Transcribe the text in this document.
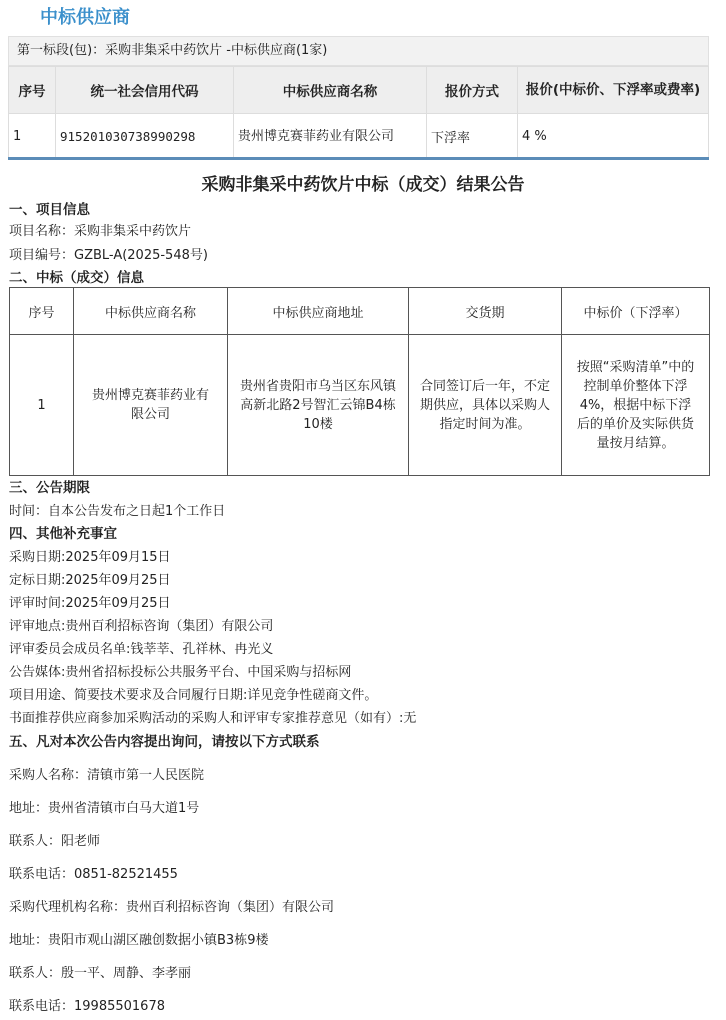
中标供应商
第一标段(包)：采购非集采中药饮片 -中标供应商(1家)
序号	统一社会信用代码	中标供应商名称	报价方式	报价(中标价、下浮率或费率)
1	915201030738990298	贵州博克赛菲药业有限公司	下浮率	4 %
采购非集采中药饮片中标（成交）结果公告
一、项目信息
项目名称：采购非集采中药饮片
项目编号：GZBL-A(2025-548号)
二、中标（成交）信息
序号	中标供应商名称	中标供应商地址	交货期	中标价（下浮率）
1	贵州博克赛菲药业有限公司	贵州省贵阳市乌当区东风镇高新北路2号智汇云锦B4栋10楼	合同签订后一年，不定期供应，具体以采购人指定时间为准。	按照“采购清单”中的控制单价整体下浮4%，根据中标下浮后的单价及实际供货量按月结算。
三、公告期限
时间：自本公告发布之日起1个工作日
四、其他补充事宜
采购日期:2025年09月15日
定标日期:2025年09月25日
评审时间:2025年09月25日
评审地点:贵州百利招标咨询（集团）有限公司
评审委员会成员名单:钱莘莘、孔祥林、冉光义
公告媒体:贵州省招标投标公共服务平台、中国采购与招标网
项目用途、简要技术要求及合同履行日期:详见竞争性磋商文件。
书面推荐供应商参加采购活动的采购人和评审专家推荐意见（如有）:无
五、凡对本次公告内容提出询问，请按以下方式联系
采购人名称：清镇市第一人民医院
地址：贵州省清镇市白马大道1号
联系人：阳老师
联系电话：0851-82521455
采购代理机构名称：贵州百利招标咨询（集团）有限公司
地址：贵阳市观山湖区融创数据小镇B3栋9楼
联系人：殷一平、周静、李孝丽
联系电话：19985501678
